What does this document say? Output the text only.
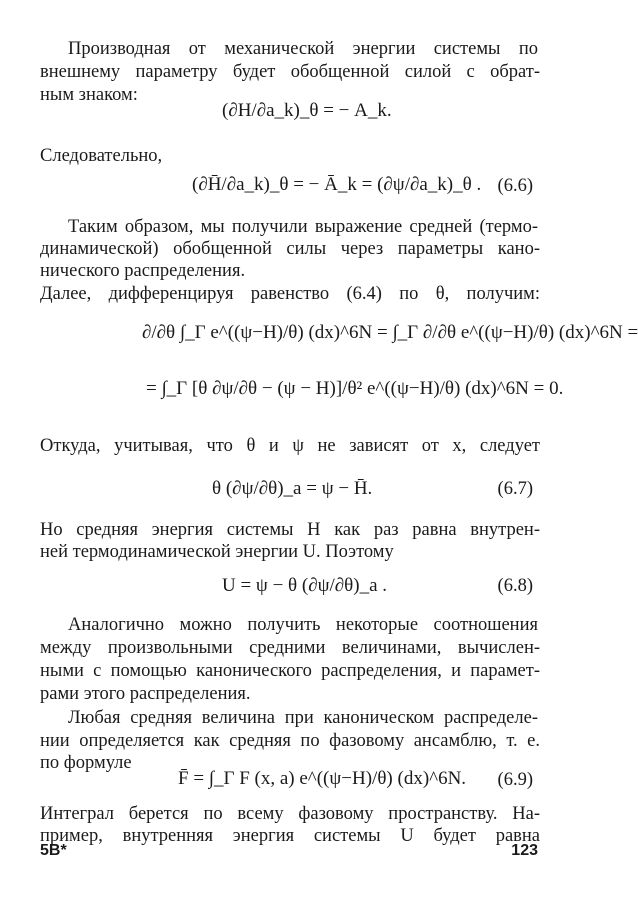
Производная от механической энергии системы по
внешнему параметру будет обобщенной силой с обрат-
ным знаком:
(∂H/∂a_k)_θ = − A_k.
Следовательно,
(∂H̄/∂a_k)_θ = − Ā_k = (∂ψ/∂a_k)_θ . (6.6)
Таким образом, мы получили выражение средней (термо-
динамической) обобщенной силы через параметры кано-
нического распределения.
Далее, дифференцируя равенство (6.4) по θ, получим:
∂/∂θ ∫_Γ e^((ψ−H)/θ) (dx)^6N = ∫_Γ ∂/∂θ e^((ψ−H)/θ) (dx)^6N =
= ∫_Γ [θ ∂ψ/∂θ − (ψ − H)]/θ² e^((ψ−H)/θ) (dx)^6N = 0.
Откуда, учитывая, что θ и ψ не зависят от x, следует
θ (∂ψ/∂θ)_a = ψ − H̄.	(6.7)
Но средняя энергия системы H как раз равна внутрен-
ней термодинамической энергии U. Поэтому
U = ψ − θ (∂ψ/∂θ)_a .	(6.8)
Аналогично можно получить некоторые соотношения
между произвольными средними величинами, вычислен-
ными с помощью канонического распределения, и парамет-
рами этого распределения.
Любая средняя величина при каноническом распределе-
нии определяется как средняя по фазовому ансамблю, т. е.
по формуле
F̄ = ∫_Γ F (x, a) e^((ψ−H)/θ) (dx)^6N. (6.9)
Интеграл берется по всему фазовому пространству. На-
пример, внутренняя энергия системы U будет равна
5В*	123
